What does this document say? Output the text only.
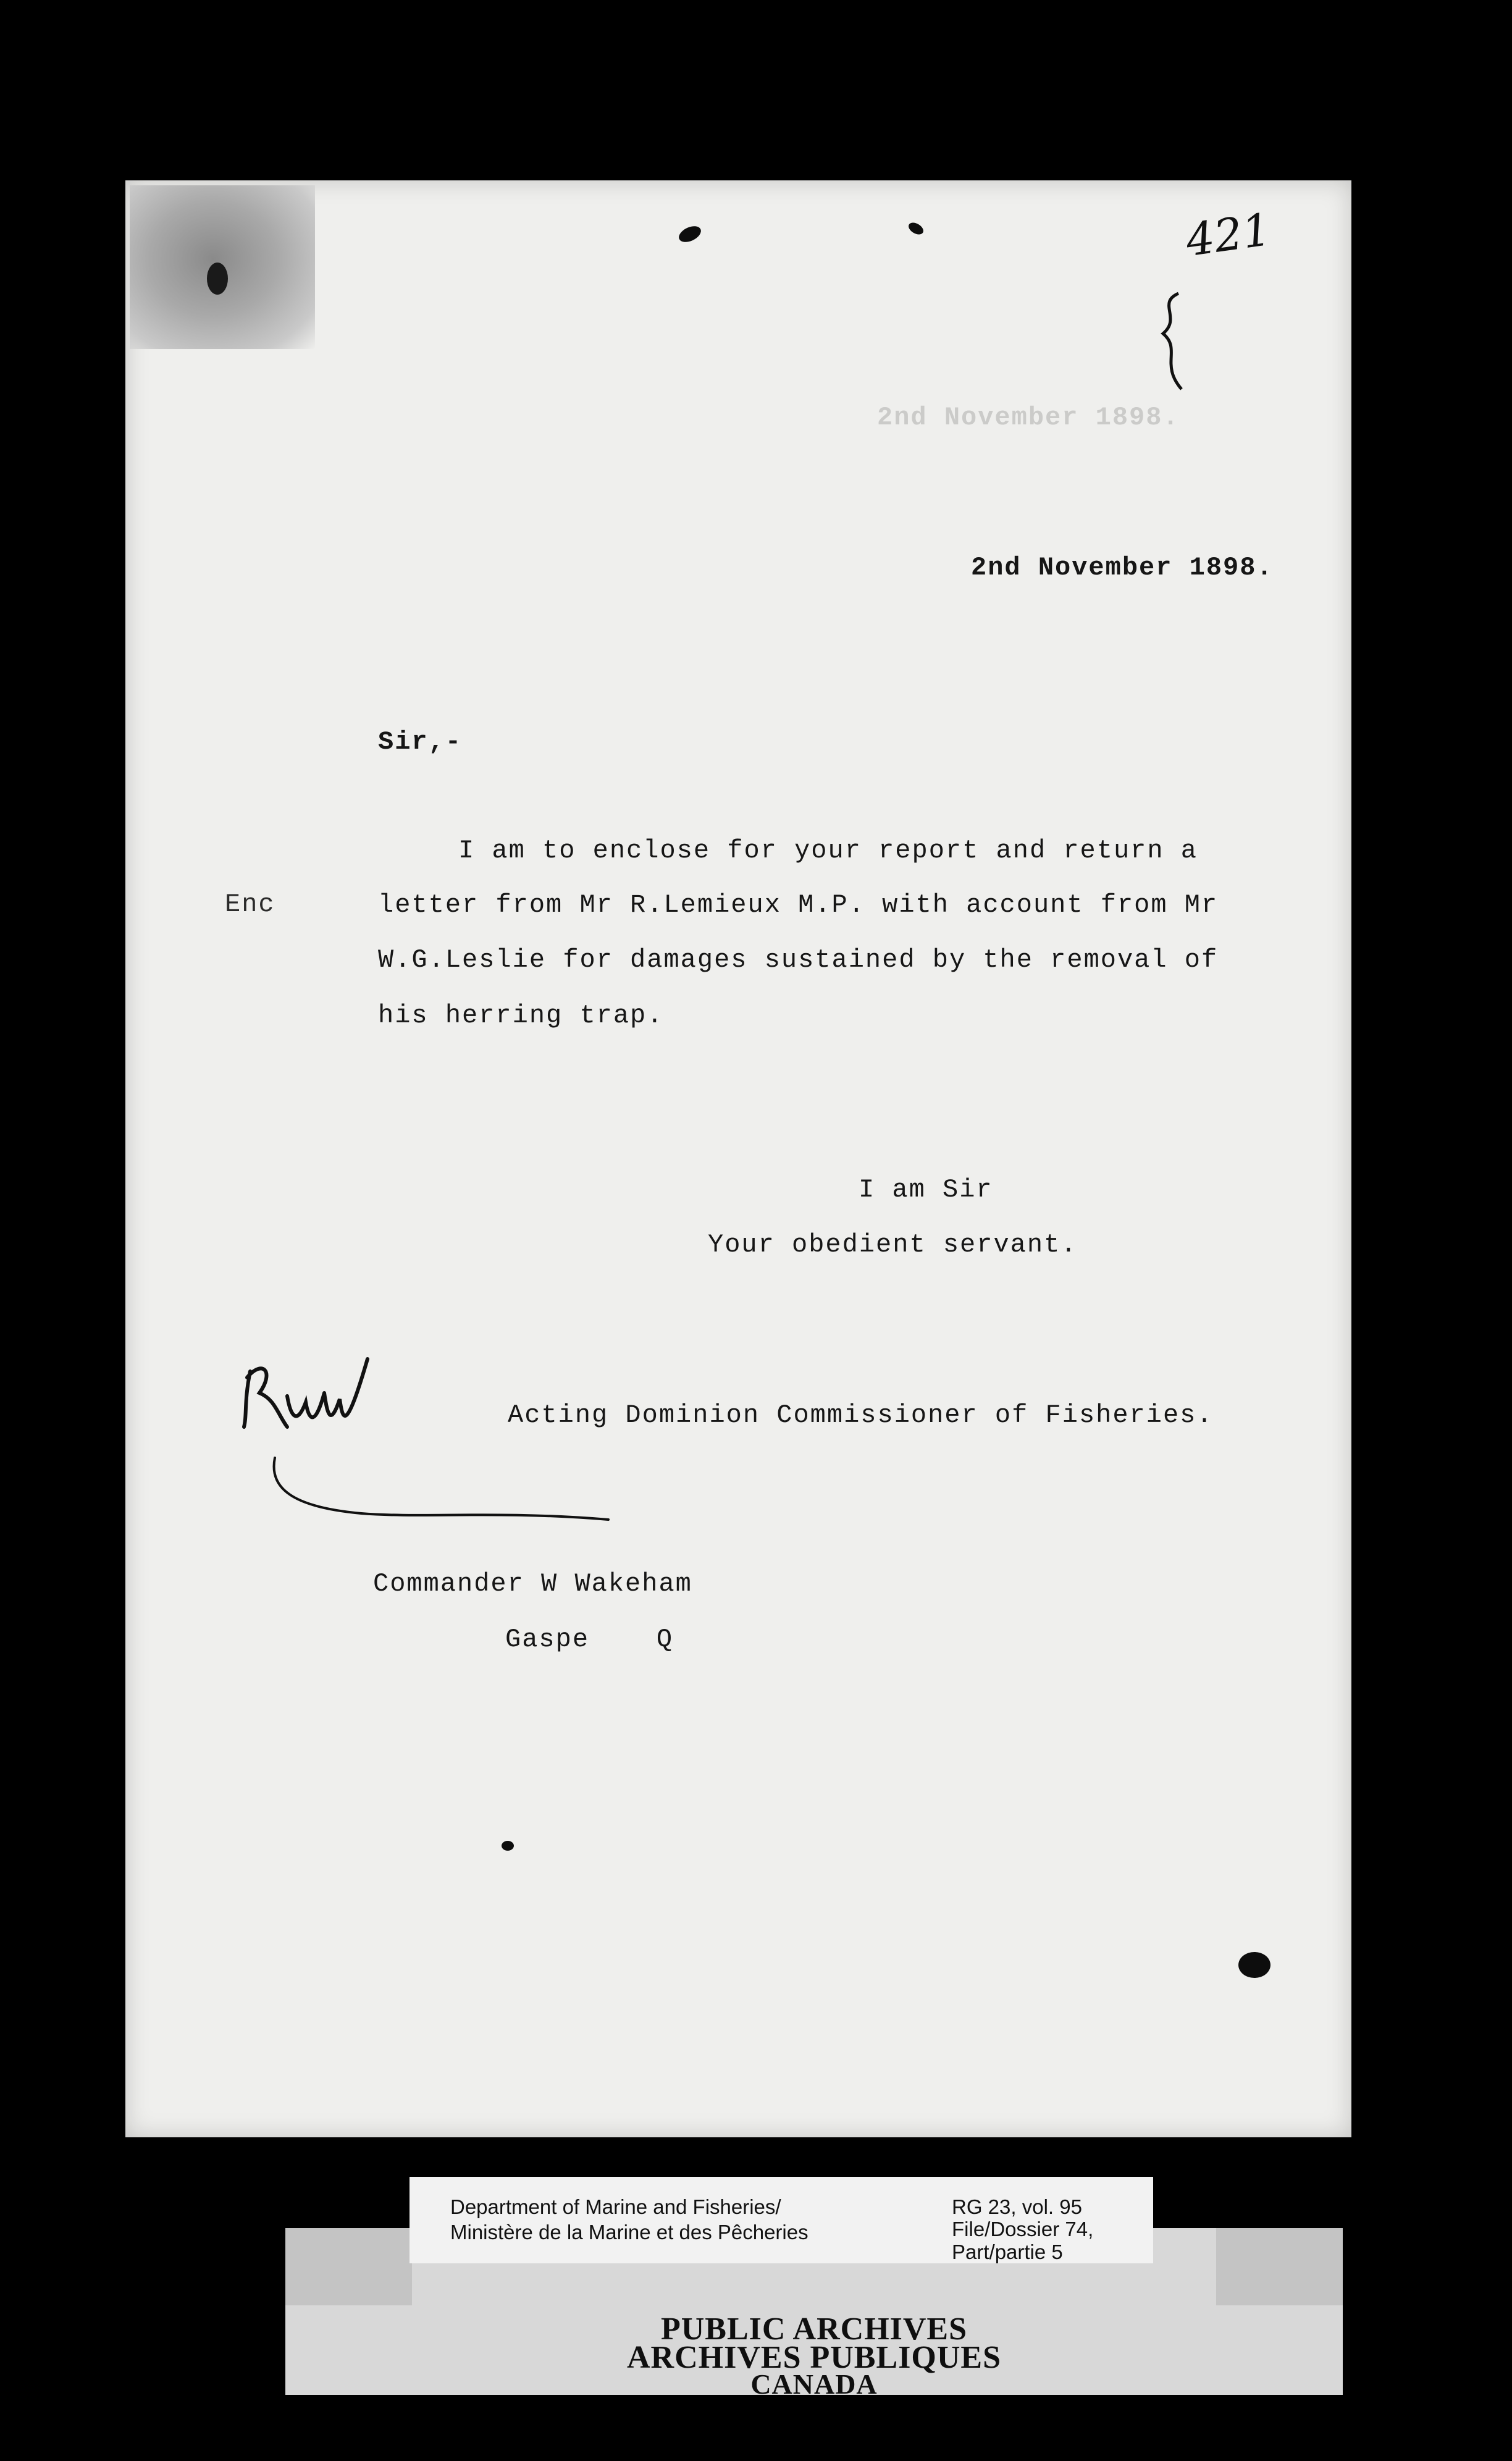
2nd November 1898.
421
2nd November 1898.
Sir,-
Enc
I am to enclose for your report and return a
letter from Mr R.Lemieux M.P. with account from Mr
W.G.Leslie for damages sustained by the removal of
his herring trap.
I am Sir
Your obedient servant.
Acting Dominion Commissioner of Fisheries.
Commander W Wakeham
Gaspe    Q
PUBLIC ARCHIVES
ARCHIVES PUBLIQUES
CANADA
Department of Marine and Fisheries/
Ministère de la Marine et des Pêcheries
RG 23, vol. 95
File/Dossier 74,
Part/partie 5
